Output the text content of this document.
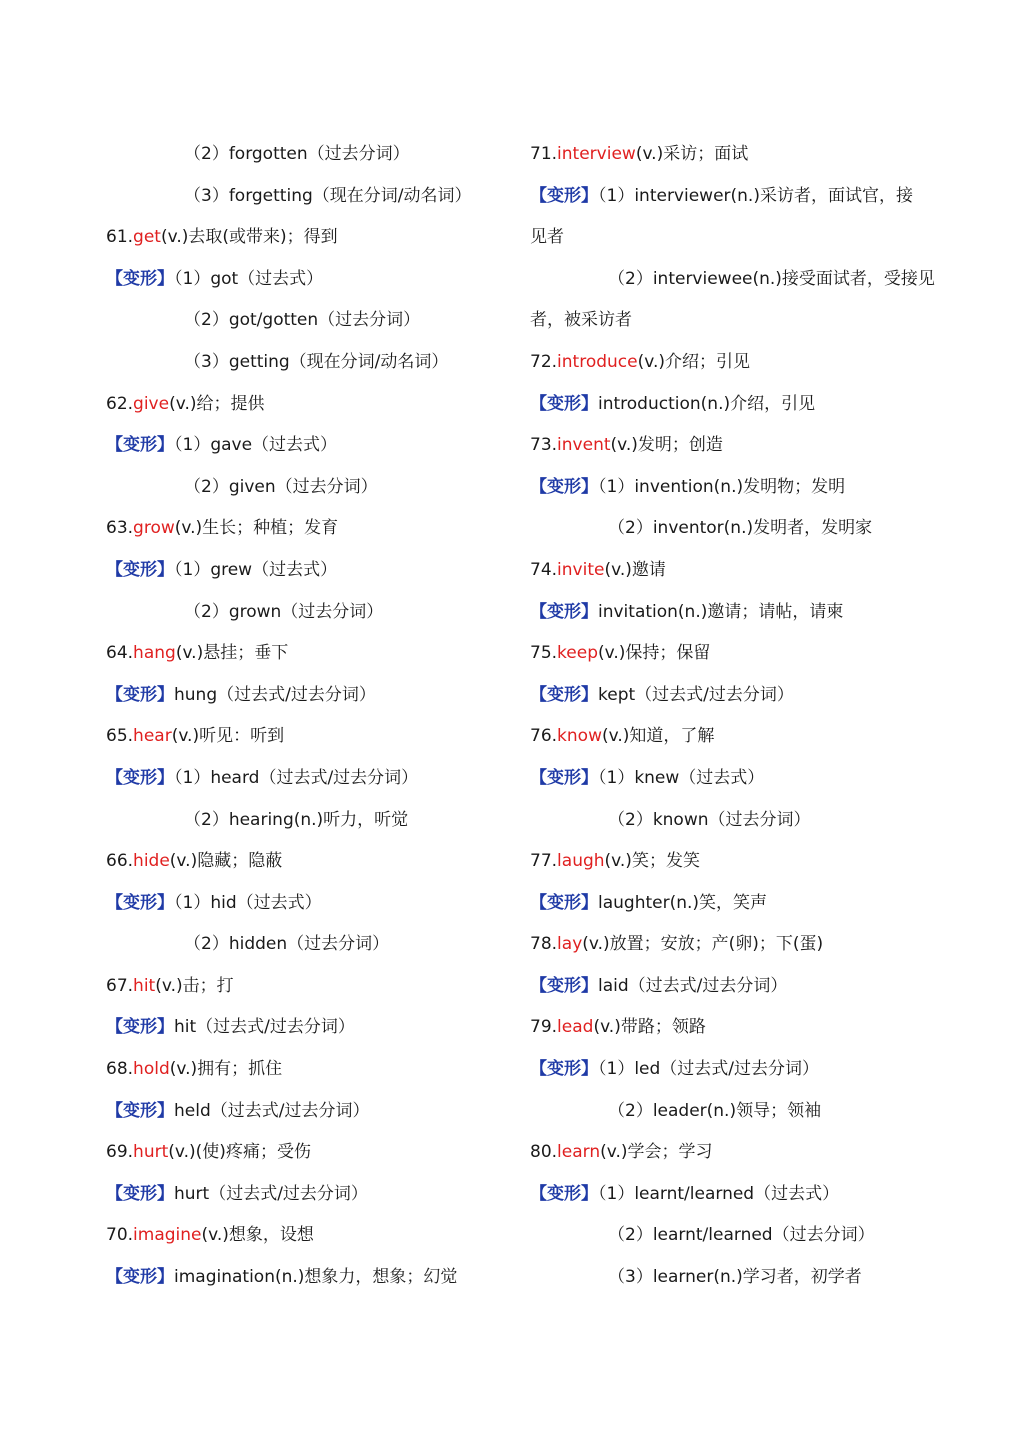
（2）forgotten（过去分词）
（3）forgetting（现在分词/动名词）
61.get(v.)去取(或带来)；得到
【变形】（1）got（过去式）
（2）got/gotten（过去分词）
（3）getting（现在分词/动名词）
62.give(v.)给；提供
【变形】（1）gave（过去式）
（2）given（过去分词）
63.grow(v.)生长；种植；发育
【变形】（1）grew（过去式）
（2）grown（过去分词）
64.hang(v.)悬挂；垂下
【变形】hung（过去式/过去分词）
65.hear(v.)听见：听到
【变形】（1）heard（过去式/过去分词）
（2）hearing(n.)听力，听觉
66.hide(v.)隐藏；隐蔽
【变形】（1）hid（过去式）
（2）hidden（过去分词）
67.hit(v.)击；打
【变形】hit（过去式/过去分词）
68.hold(v.)拥有；抓住
【变形】held（过去式/过去分词）
69.hurt(v.)(使)疼痛；受伤
【变形】hurt（过去式/过去分词）
70.imagine(v.)想象，设想
【变形】imagination(n.)想象力，想象；幻觉
71.interview(v.)采访；面试
【变形】（1）interviewer(n.)采访者，面试官，接
见者
（2）interviewee(n.)接受面试者，受接见
者，被采访者
72.introduce(v.)介绍；引见
【变形】introduction(n.)介绍，引见
73.invent(v.)发明；创造
【变形】（1）invention(n.)发明物；发明
（2）inventor(n.)发明者，发明家
74.invite(v.)邀请
【变形】invitation(n.)邀请；请帖，请柬
75.keep(v.)保持；保留
【变形】kept（过去式/过去分词）
76.know(v.)知道，了解
【变形】（1）knew（过去式）
（2）known（过去分词）
77.laugh(v.)笑；发笑
【变形】laughter(n.)笑，笑声
78.lay(v.)放置；安放；产(卵)；下(蛋)
【变形】laid（过去式/过去分词）
79.lead(v.)带路；领路
【变形】（1）led（过去式/过去分词）
（2）leader(n.)领导；领袖
80.learn(v.)学会；学习
【变形】（1）learnt/learned（过去式）
（2）learnt/learned（过去分词）
（3）learner(n.)学习者，初学者
